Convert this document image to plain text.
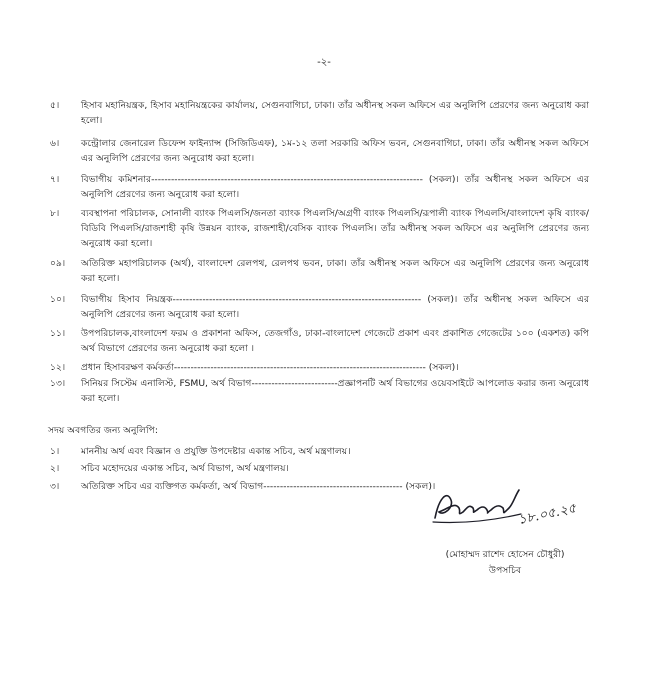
-২-
৫। হিসাব মহানিয়ন্ত্রক, হিসাব মহানিয়ন্ত্রকের কার্যালয়, সেগুনবাগিচা, ঢাকা। তাঁর অধীনস্থ সকল অফিসে এর অনুলিপি প্রেরণের জন্য অনুরোধ করা হলো।
৬। কন্ট্রোলার জেনারেল ডিফেন্স ফাইন্যান্স (সিজিডিএফ), ১ম-১২ তলা সরকারি অফিস ভবন, সেগুনবাগিচা, ঢাকা। তাঁর অধীনস্থ সকল অফিসে এর অনুলিপি প্রেরণের জন্য অনুরোধ করা হলো।
৭। বিভাগীয় কমিশনার---------------------------------------------------------------------------------- (সকল)। তাঁর অধীনস্থ সকল অফিসে এর অনুলিপি প্রেরণের জন্য অনুরোধ করা হলো।
৮। ব্যবস্থাপনা পরিচালক, সোনালী ব্যাংক পিএলসি/জনতা ব্যাংক পিএলসি/অগ্রণী ব্যাংক পিএলসি/রূপালী ব্যাংক পিএলসি/বাংলাদেশ কৃষি ব্যাংক/বিডিবি পিএলসি/রাজশাহী কৃষি উন্নয়ন ব্যাংক, রাজশাহী/বেসিক ব্যাংক পিএলসি। তাঁর অধীনস্থ সকল অফিসে এর অনুলিপি প্রেরণের জন্য অনুরোধ করা হলো।
০৯। অতিরিক্ত মহাপরিচালক (অর্থ), বাংলাদেশ রেলপথ, রেলপথ ভবন, ঢাকা। তাঁর অধীনস্থ সকল অফিসে এর অনুলিপি প্রেরণের জন্য অনুরোধ করা হলো।
১০। বিভাগীয় হিসাব নিয়ন্ত্রক--------------------------------------------------------------------------- (সকল)। তাঁর অধীনস্থ সকল অফিসে এর অনুলিপি প্রেরণের জন্য অনুরোধ করা হলো।
১১। উপপরিচালক,বাংলাদেশ ফরম ও প্রকাশনা অফিস, তেজগাঁও, ঢাকা-বাংলাদেশ গেজেটে প্রকাশ এবং প্রকাশিত গেজেটের ১০০ (একশত) কপি অর্থ বিভাগে প্রেরণের জন্য অনুরোধ করা হলো ।
১২। প্রধান হিসাবরক্ষণ কর্মকর্তা---------------------------------------------------------------------------- (সকল)।
১৩। সিনিয়র সিস্টেম এনালিস্ট, FSMU, অর্থ বিভাগ--------------------------প্রজ্ঞাপনটি অর্থ বিভাগের ওয়েবসাইটে আপলোড করার জন্য অনুরোধ করা হলো।
সদয় অবগতির জন্য অনুলিপি:
১। মাননীয় অর্থ এবং বিজ্ঞান ও প্রযুক্তি উপদেষ্টার একান্ত সচিব, অর্থ মন্ত্রণালয়।
২। সচিব মহোদয়ের একান্ত সচিব, অর্থ বিভাগ, অর্থ মন্ত্রণালয়।
৩। অতিরিক্ত সচিব এর ব্যক্তিগত কর্মকর্তা, অর্থ বিভাগ------------------------------------------ (সকল)।
১৮.০৫.২৫
(মোহাম্মদ রাশেদ হোসেন চৌধুরী)
উপসচিব
